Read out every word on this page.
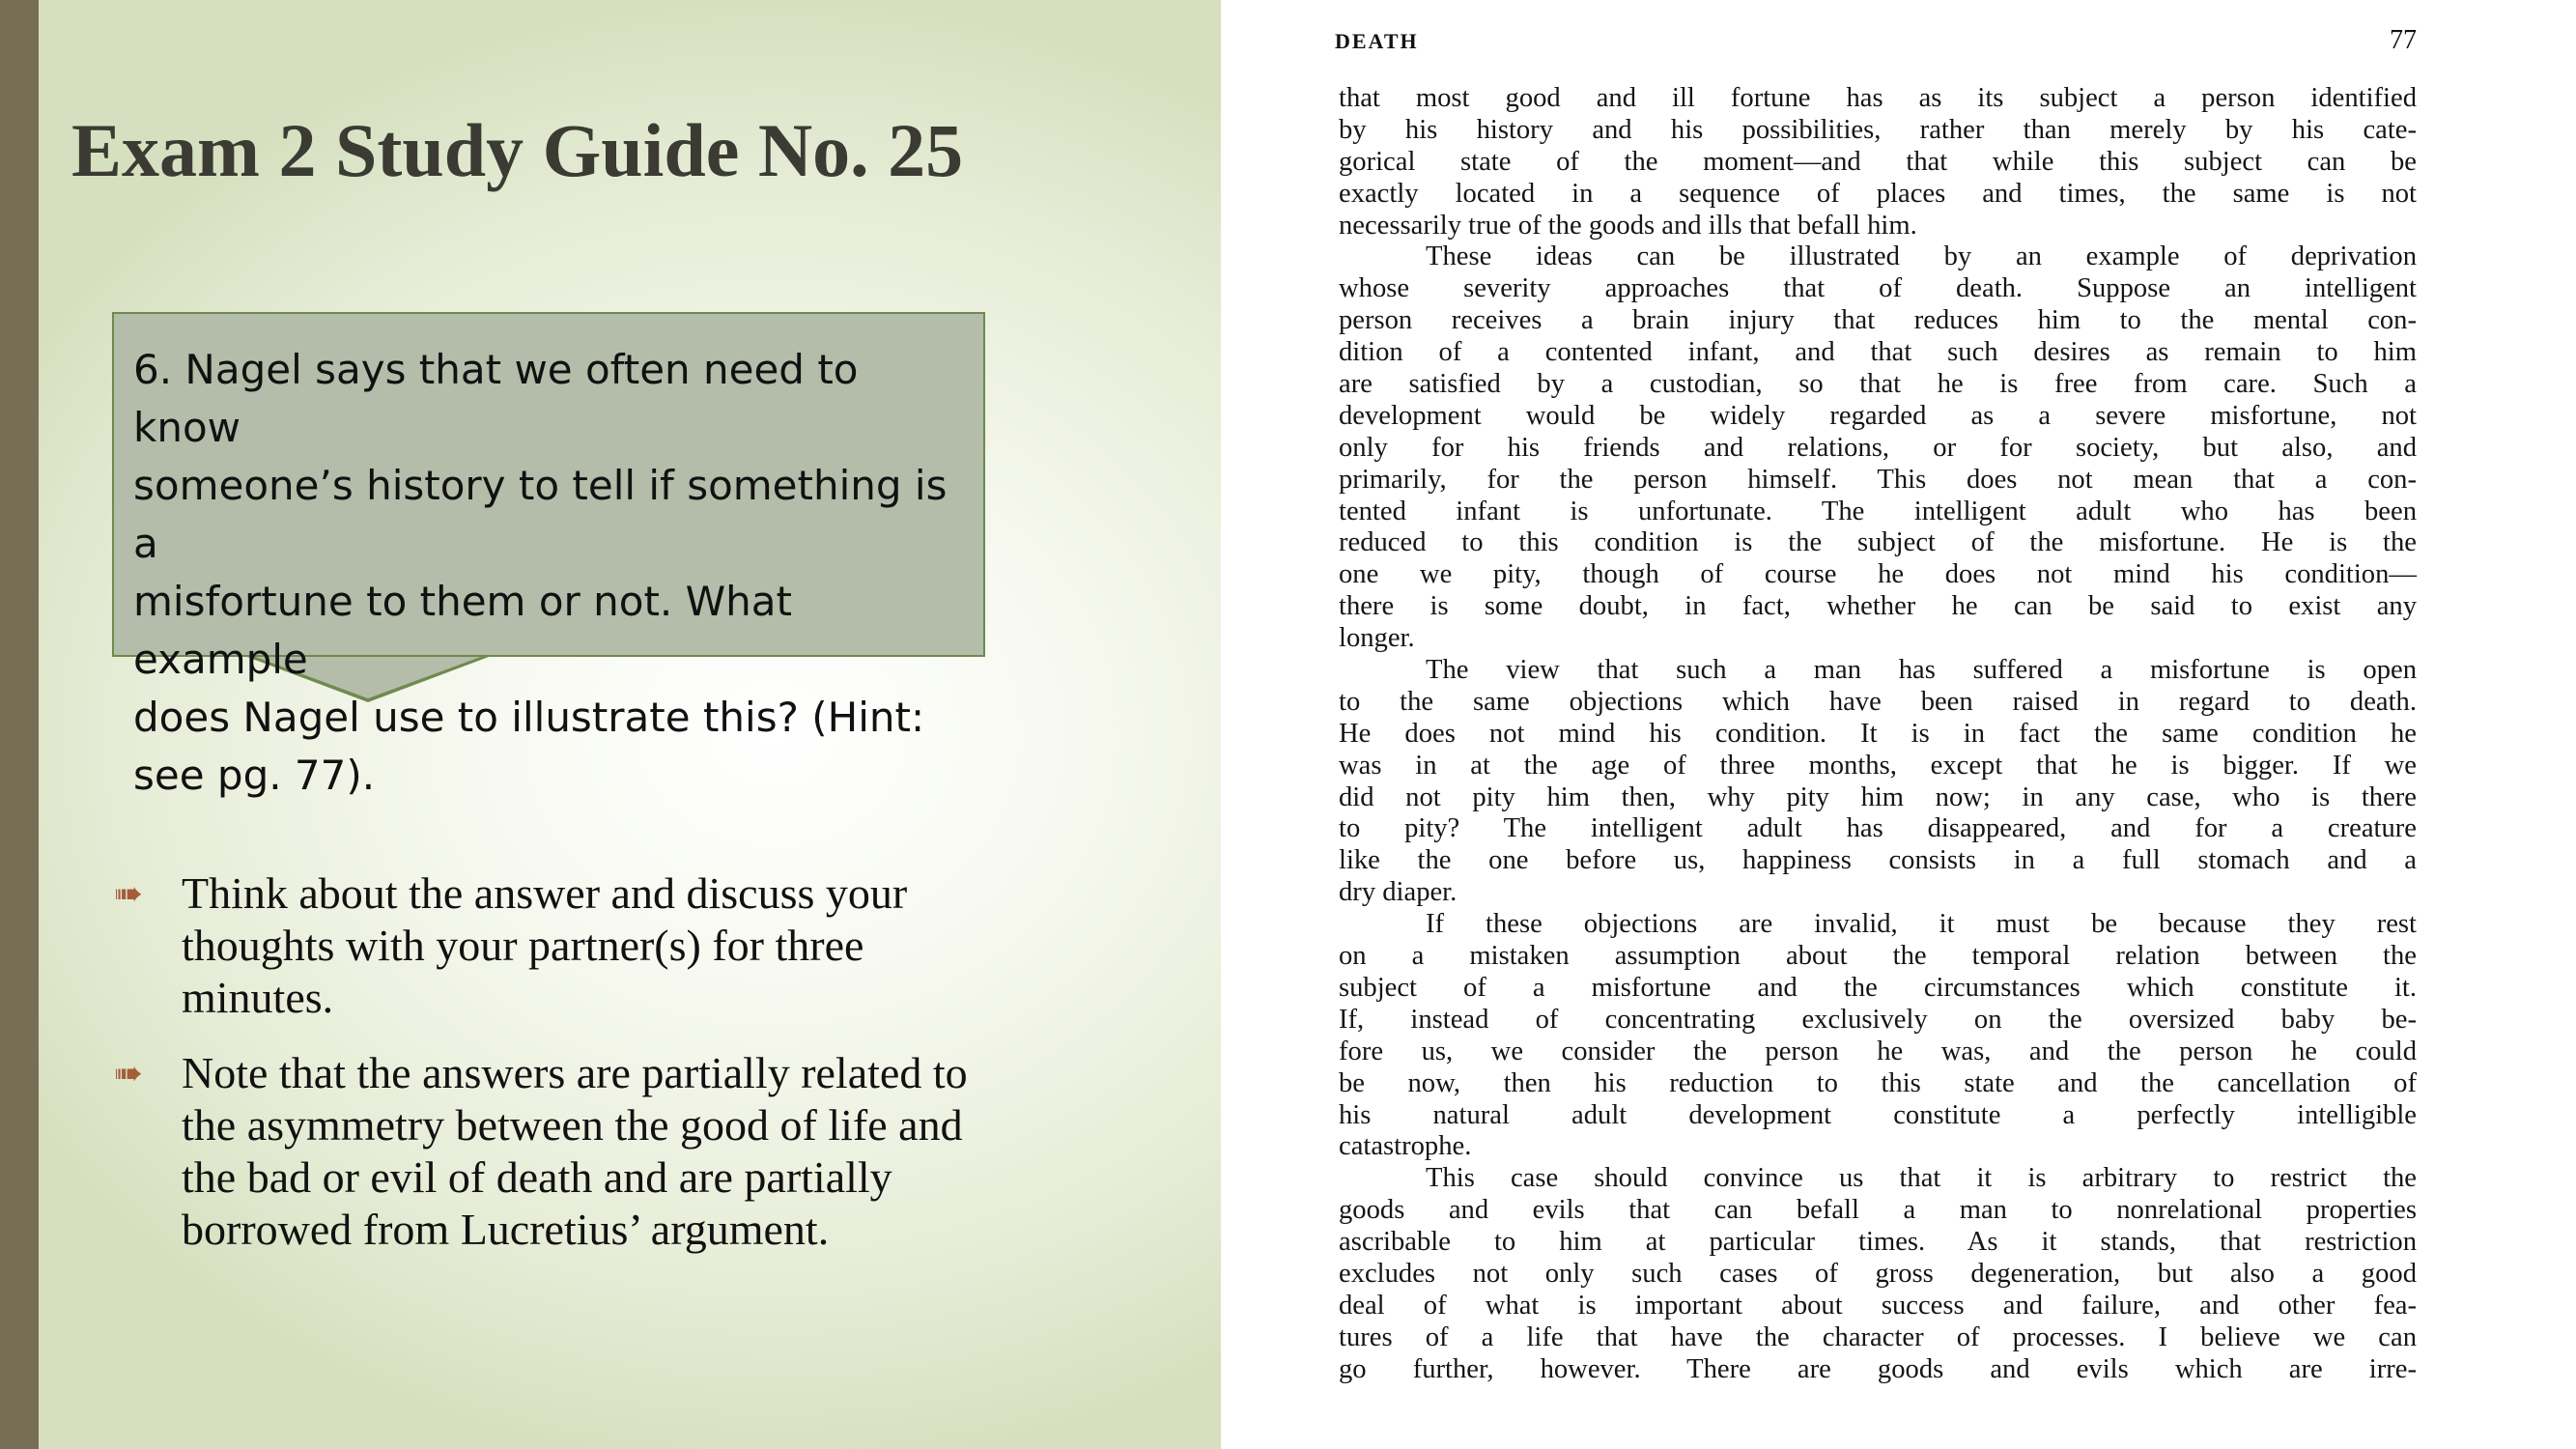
Exam 2 Study Guide No. 25

6. Nagel says that we often need to know
someone’s history to tell if something is a
misfortune to them or not. What example
does Nagel use to illustrate this? (Hint:
see pg. 77).

➠ Think about the answer and discuss your
thoughts with your partner(s) for three
minutes.
➠ Note that the answers are partially related to
the asymmetry between the good of life and
the bad or evil of death and are partially
borrowed from Lucretius’ argument.
DEATH	77
that most good and ill fortune has as its subject a person identified
by his history and his possibilities, rather than merely by his cate-
gorical state of the moment—and that while this subject can be
exactly located in a sequence of places and times, the same is not
necessarily true of the goods and ills that befall him.
These ideas can be illustrated by an example of deprivation
whose severity approaches that of death. Suppose an intelligent
person receives a brain injury that reduces him to the mental con-
dition of a contented infant, and that such desires as remain to him
are satisfied by a custodian, so that he is free from care. Such a
development would be widely regarded as a severe misfortune, not
only for his friends and relations, or for society, but also, and
primarily, for the person himself. This does not mean that a con-
tented infant is unfortunate. The intelligent adult who has been
reduced to this condition is the subject of the misfortune. He is the
one we pity, though of course he does not mind his condition—
there is some doubt, in fact, whether he can be said to exist any
longer.
The view that such a man has suffered a misfortune is open
to the same objections which have been raised in regard to death.
He does not mind his condition. It is in fact the same condition he
was in at the age of three months, except that he is bigger. If we
did not pity him then, why pity him now; in any case, who is there
to pity? The intelligent adult has disappeared, and for a creature
like the one before us, happiness consists in a full stomach and a
dry diaper.
If these objections are invalid, it must be because they rest
on a mistaken assumption about the temporal relation between the
subject of a misfortune and the circumstances which constitute it.
If, instead of concentrating exclusively on the oversized baby be-
fore us, we consider the person he was, and the person he could
be now, then his reduction to this state and the cancellation of
his natural adult development constitute a perfectly intelligible
catastrophe.
This case should convince us that it is arbitrary to restrict the
goods and evils that can befall a man to nonrelational properties
ascribable to him at particular times. As it stands, that restriction
excludes not only such cases of gross degeneration, but also a good
deal of what is important about success and failure, and other fea-
tures of a life that have the character of processes. I believe we can
go further, however. There are goods and evils which are irre-
